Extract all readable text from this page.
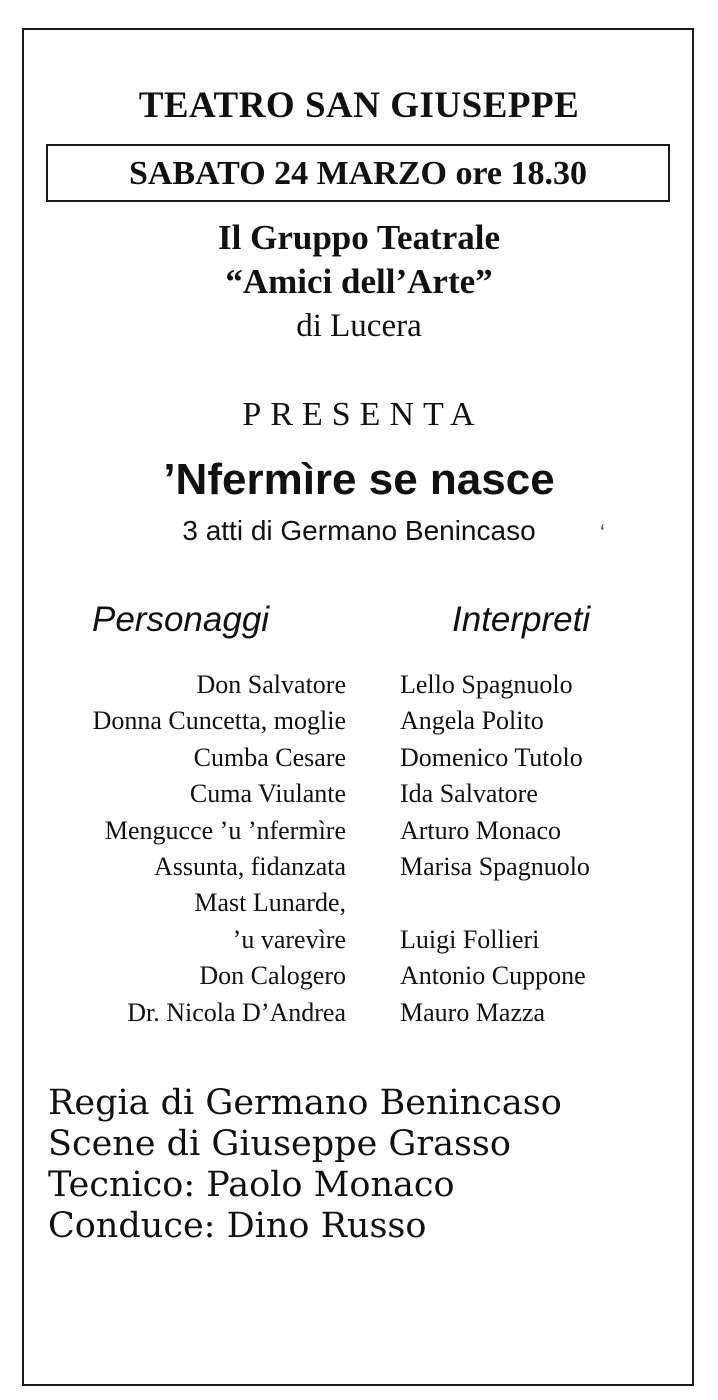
TEATRO SAN GIUSEPPE
SABATO 24 MARZO ore 18.30
Il Gruppo Teatrale
“Amici dell’Arte”
di Lucera
PRESENTA
’Nfermìre se nasce
3 atti di Germano Benincaso	‘
Personaggi	Interpreti
Don Salvatore Lello Spagnuolo
Donna Cuncetta, moglie Angela Polito
Cumba Cesare Domenico Tutolo
Cuma Viulante Ida Salvatore
Mengucce ’u ’nfermìre Arturo Monaco
Assunta, fidanzata Marisa Spagnuolo
Mast Lunarde,
’u varevìre Luigi Follieri
Don Calogero Antonio Cuppone
Dr. Nicola D’Andrea Mauro Mazza
Regia di Germano Benincaso
Scene di Giuseppe Grasso
Tecnico: Paolo Monaco
Conduce: Dino Russo
